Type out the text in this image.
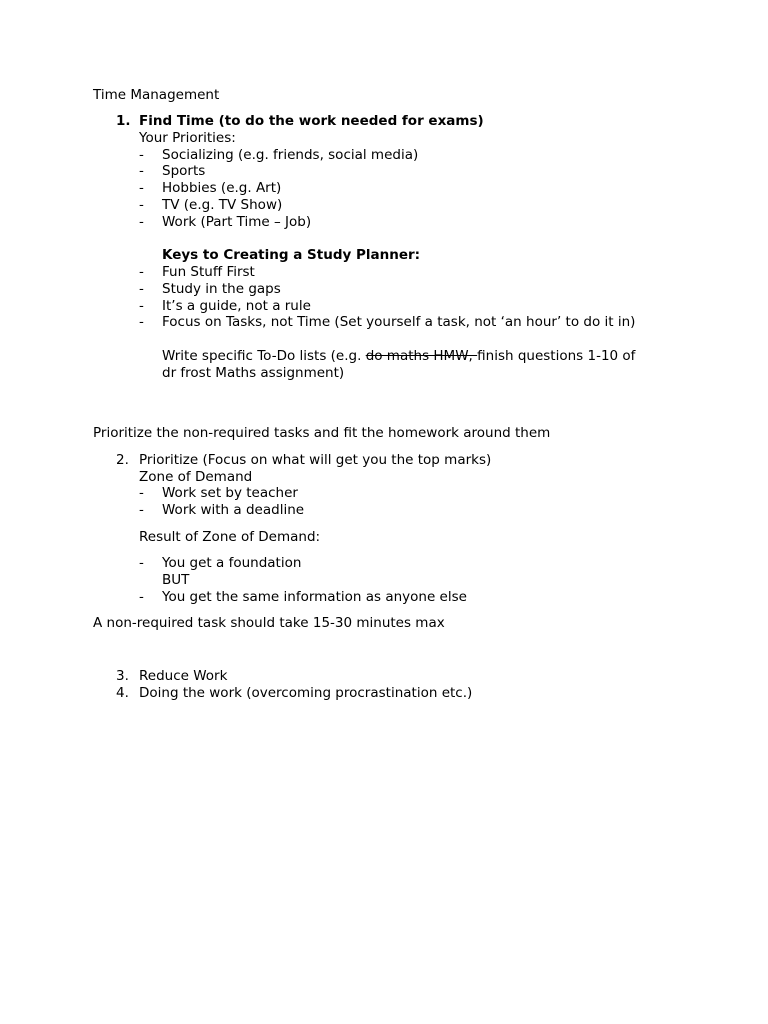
Time Management
1. Find Time (to do the work needed for exams)
Your Priorities:
- Socializing (e.g. friends, social media)
- Sports
- Hobbies (e.g. Art)
- TV (e.g. TV Show)
- Work (Part Time – Job)
Keys to Creating a Study Planner:
- Fun Stuff First
- Study in the gaps
- It’s a guide, not a rule
- Focus on Tasks, not Time (Set yourself a task, not ‘an hour’ to do it in)
Write specific To-Do lists (e.g. do maths HMW, finish questions 1-10 of
dr frost Maths assignment)
Prioritize the non-required tasks and fit the homework around them
2. Prioritize (Focus on what will get you the top marks)
Zone of Demand
- Work set by teacher
- Work with a deadline
Result of Zone of Demand:
- You get a foundation
BUT
- You get the same information as anyone else
A non-required task should take 15-30 minutes max
3. Reduce Work
4. Doing the work (overcoming procrastination etc.)
